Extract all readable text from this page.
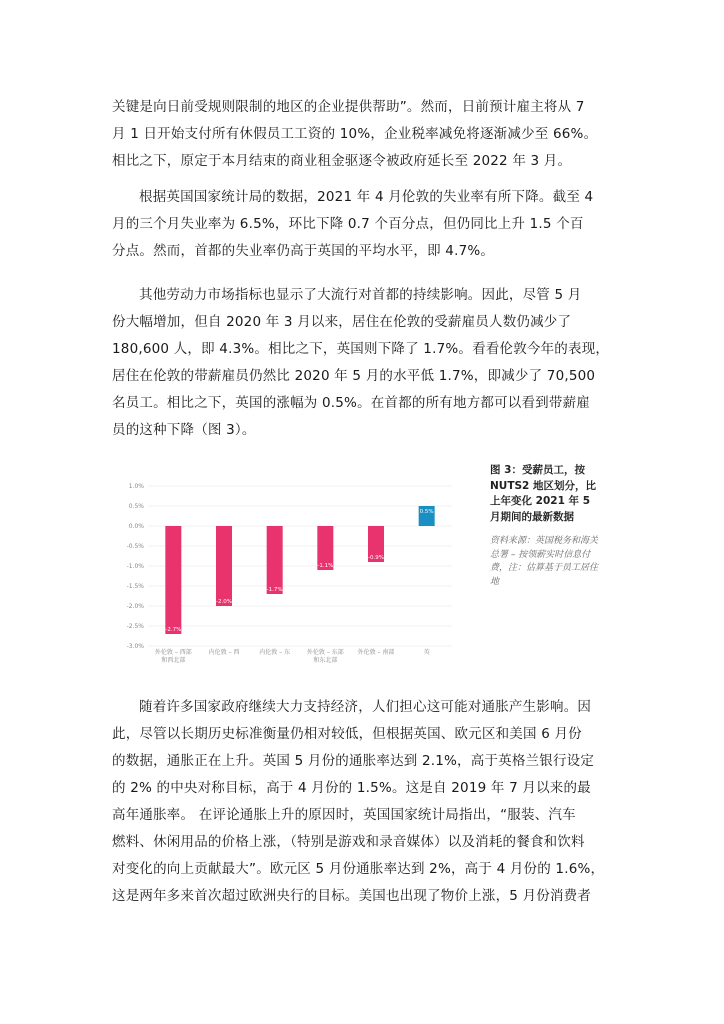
关键是向日前受规则限制的地区的企业提供帮助”。然而，日前预计雇主将从 7
月 1 日开始支付所有休假员工工资的 10%，企业税率减免将逐渐减少至 66%。
相比之下，原定于本月结束的商业租金驱逐令被政府延长至 2022 年 3 月。
根据英国国家统计局的数据，2021 年 4 月伦敦的失业率有所下降。截至 4
月的三个月失业率为 6.5%，环比下降 0.7 个百分点，但仍同比上升 1.5 个百
分点。然而，首都的失业率仍高于英国的平均水平，即 4.7%。
其他劳动力市场指标也显示了大流行对首都的持续影响。因此，尽管 5 月
份大幅增加，但自 2020 年 3 月以来，居住在伦敦的受薪雇员人数仍减少了
180,600 人，即 4.3%。相比之下，英国则下降了 1.7%。看看伦敦今年的表现，
居住在伦敦的带薪雇员仍然比 2020 年 5 月的水平低 1.7%，即减少了 70,500
名员工。相比之下，英国的涨幅为 0.5%。在首都的所有地方都可以看到带薪雇
员的这种下降（图 3）。
1.0%
0.5%
0.0%
-0.5%
-1.0%
-1.5%
-2.0%
-2.5%
-3.0%
-2.7%
-2.0%
-1.7%
-1.1%
-0.9%
0.5%
外伦敦 – 西部
和西北部
内伦敦 – 西	内伦敦 – 东	外伦敦 – 东部
和东北部
外伦敦 – 南部	英
图 3：受薪员工，按 NUTS2 地区划分，比上年变化 2021 年 5 月期间的最新数据
资料来源：英国税务和海关总署 – 按领薪实时信息付费，注：估算基于员工居住地
随着许多国家政府继续大力支持经济，人们担心这可能对通胀产生影响。因
此，尽管以长期历史标准衡量仍相对较低，但根据英国、欧元区和美国 6 月份
的数据，通胀正在上升。英国 5 月份的通胀率达到 2.1%，高于英格兰银行设定
的 2% 的中央对称目标，高于 4 月份的 1.5%。这是自 2019 年 7 月以来的最
高年通胀率。 在评论通胀上升的原因时，英国国家统计局指出，“服装、汽车
燃料、休闲用品的价格上涨，（特别是游戏和录音媒体）以及消耗的餐食和饮料
对变化的向上贡献最大”。欧元区 5 月份通胀率达到 2%，高于 4 月份的 1.6%，
这是两年多来首次超过欧洲央行的目标。美国也出现了物价上涨，5 月份消费者
